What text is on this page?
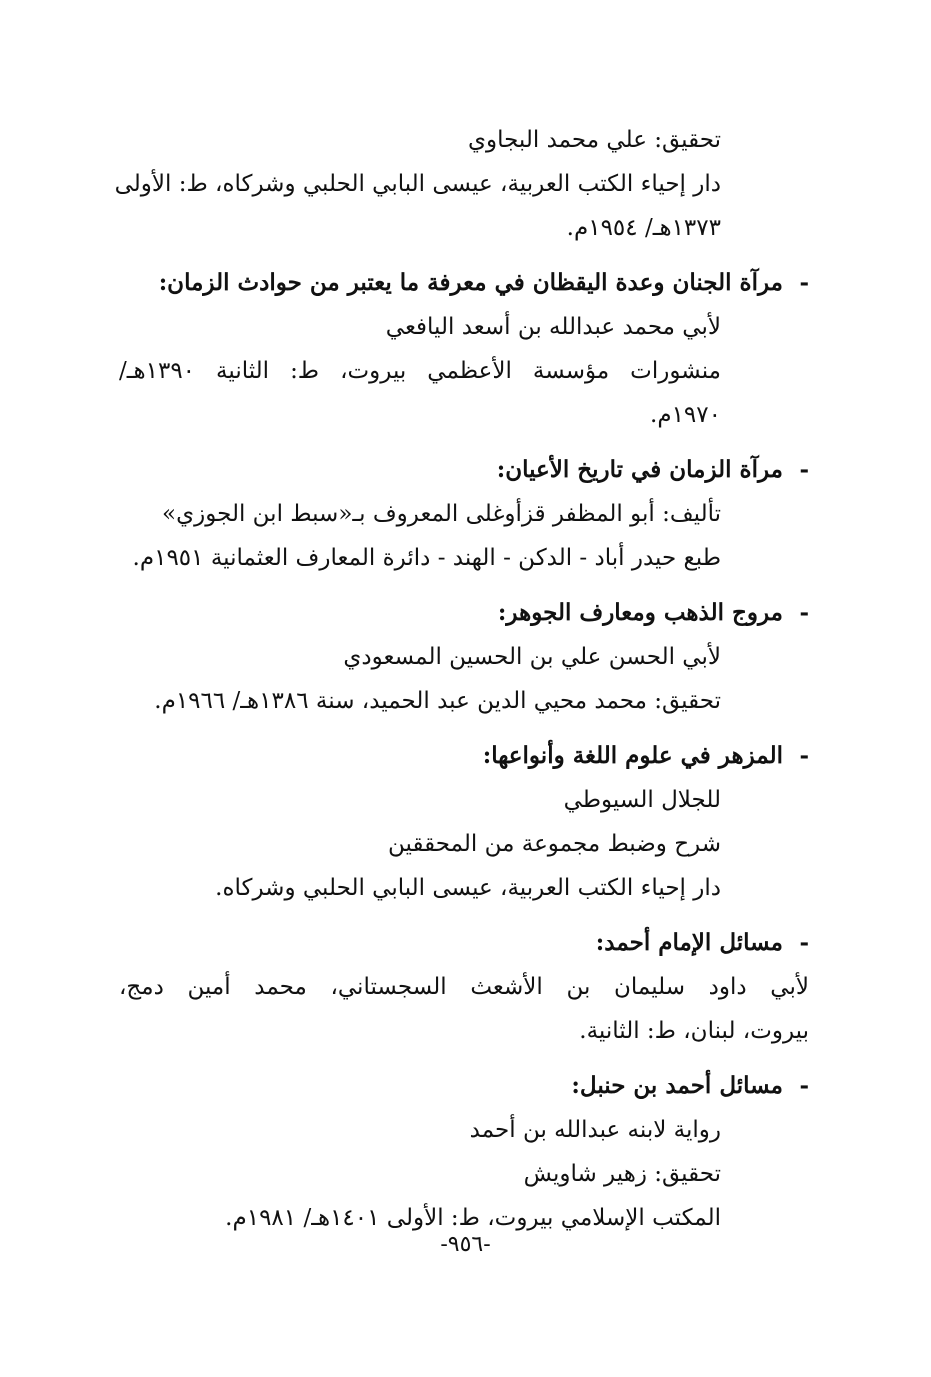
تحقيق: علي محمد البجاوي
دار إحياء الكتب العربية، عيسى البابي الحلبي وشركاه، ط: الأولى
١٣٧٣هـ/ ١٩٥٤م.
-مرآة الجنان وعدة اليقظان في معرفة ما يعتبر من حوادث الزمان:
لأبي محمد عبدالله بن أسعد اليافعي
منشورات مؤسسة الأعظمي بيروت، ط: الثانية ١٣٩٠هـ/
١٩٧٠م.
-مرآة الزمان في تاريخ الأعيان:
تأليف: أبو المظفر قزأوغلى المعروف بـ«سبط ابن الجوزي»
طبع حيدر أباد - الدكن - الهند - دائرة المعارف العثمانية ١٩٥١م.
-مروج الذهب ومعارف الجوهر:
لأبي الحسن علي بن الحسين المسعودي
تحقيق: محمد محيي الدين عبد الحميد، سنة ١٣٨٦هـ/ ١٩٦٦م.
-المزهر في علوم اللغة وأنواعها:
للجلال السيوطي
شرح وضبط مجموعة من المحققين
دار إحياء الكتب العربية، عيسى البابي الحلبي وشركاه.
-مسائل الإمام أحمد:
لأبي داود سليمان بن الأشعث السجستاني، محمد أمين دمج،
بيروت، لبنان، ط: الثانية.
-مسائل أحمد بن حنبل:
رواية لابنه عبدالله بن أحمد
تحقيق: زهير شاويش
المكتب الإسلامي بيروت، ط: الأولى ١٤٠١هـ/ ١٩٨١م.
-٩٥٦-
